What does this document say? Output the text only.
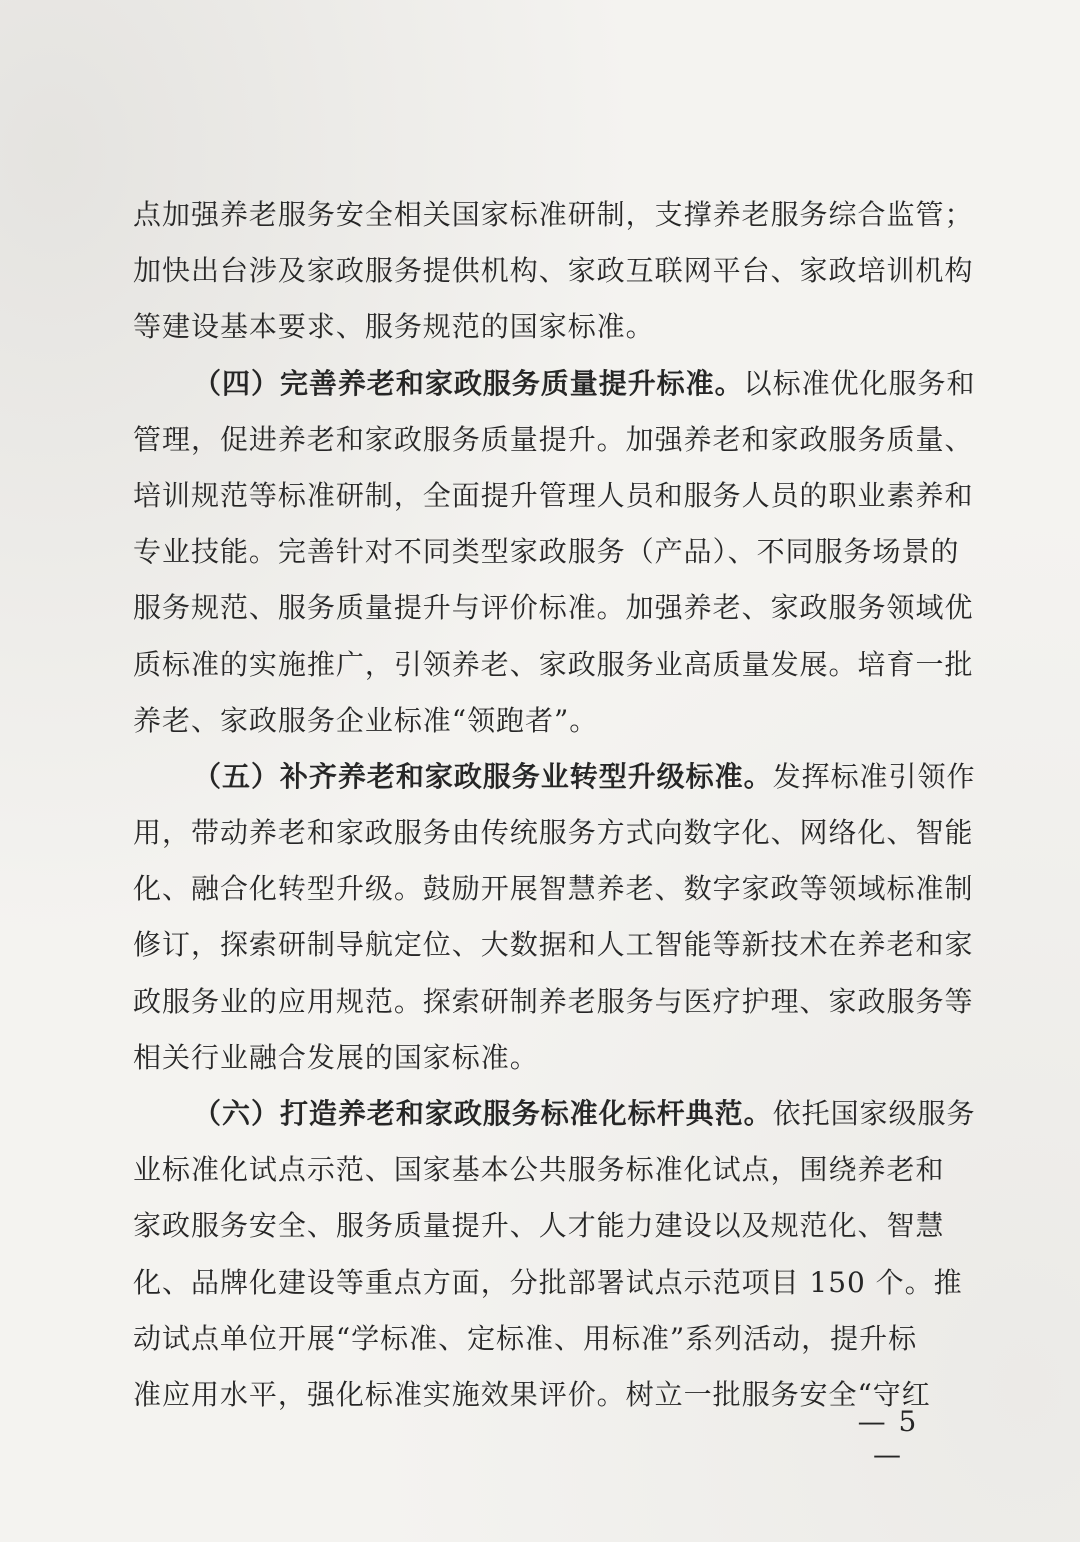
点加强养老服务安全相关国家标准研制，支撑养老服务综合监管；
加快出台涉及家政服务提供机构、家政互联网平台、家政培训机构
等建设基本要求、服务规范的国家标准。
（四）完善养老和家政服务质量提升标准。以标准优化服务和
管理，促进养老和家政服务质量提升。加强养老和家政服务质量、
培训规范等标准研制，全面提升管理人员和服务人员的职业素养和
专业技能。完善针对不同类型家政服务（产品）、不同服务场景的
服务规范、服务质量提升与评价标准。加强养老、家政服务领域优
质标准的实施推广，引领养老、家政服务业高质量发展。培育一批
养老、家政服务企业标准“领跑者”。
（五）补齐养老和家政服务业转型升级标准。发挥标准引领作
用，带动养老和家政服务由传统服务方式向数字化、网络化、智能
化、融合化转型升级。鼓励开展智慧养老、数字家政等领域标准制
修订，探索研制导航定位、大数据和人工智能等新技术在养老和家
政服务业的应用规范。探索研制养老服务与医疗护理、家政服务等
相关行业融合发展的国家标准。
（六）打造养老和家政服务标准化标杆典范。依托国家级服务
业标准化试点示范、国家基本公共服务标准化试点，围绕养老和
家政服务安全、服务质量提升、人才能力建设以及规范化、智慧
化、品牌化建设等重点方面，分批部署试点示范项目 150 个。推
动试点单位开展“学标准、定标准、用标准”系列活动，提升标
准应用水平，强化标准实施效果评价。树立一批服务安全“守红
— 5 —
